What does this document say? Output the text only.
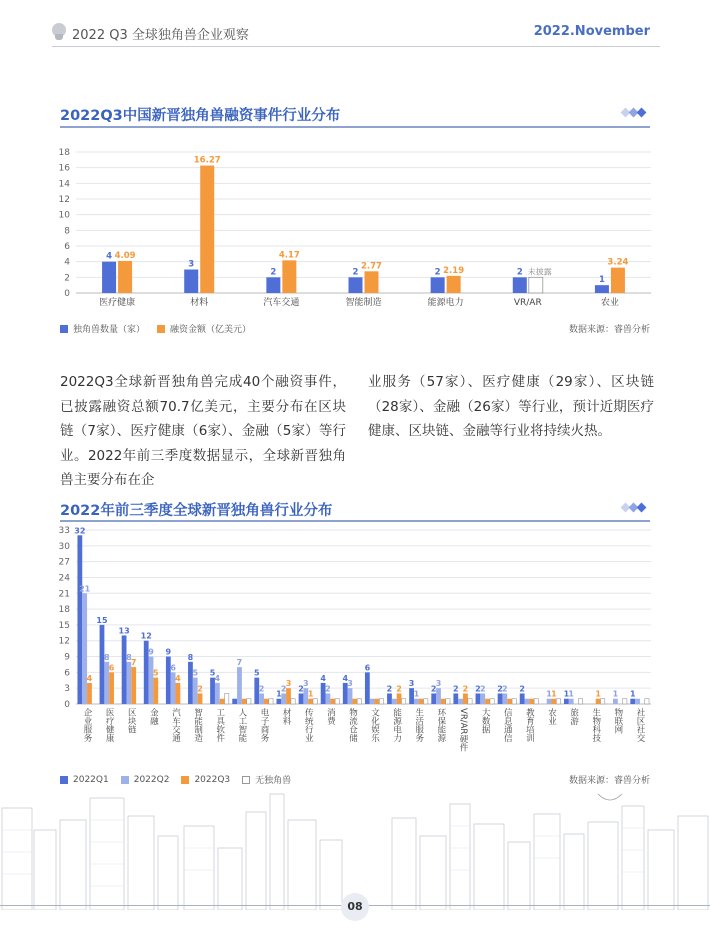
2022 Q3 全球独角兽企业观察	2022.November
2022Q3中国新晋独角兽融资事件行业分布
0
2
4
6
8
10
12
14
16
18
4 4.09
医疗健康
3
16.27
材料
2
4.17
汽车交通
2
2.77
智能制造
2 2.19
能源电力
2 未披露
VR/AR
1
3.24
农业
独角兽数量（家）	融资金额（亿美元）	数据来源：睿兽分析

2022Q3全球新晋独角兽完成40个融资事件，已披露融资总额70.7亿美元，主要分布在区块链（7家）、医疗健康（6家）、金融（5家）等行业。2022年前三季度数据显示，全球新晋独角兽主要分布在企

业服务（57家）、医疗健康（29家）、区块链（28家）、金融（26家）等行业，预计近期医疗健康、区块链、金融等行业将持续火热。

2022年前三季度全球新晋独角兽行业分布
0
3
6
9
12
15
18
21
24
27
30
33 32
21
4
企业服务
15
8
6
医疗健康
13
8
7
区块链
12
9
5
金融
9
6
4
汽车交通
8
5
2
智能制造
5
4
工具软件
7
人工智能
5
2
电子商务
1
2
3
材料
2
3
1
传统行业
4
2
消费
4
3
物流仓储
6
文化娱乐
2 2
能源电力
3
1
生活服务
2
3
环保能源
2 2
VR/AR硬件
2 2
大数据
2 2
信息通信
2
教育培训
1 1
农业
1 1
旅游
1
生物科技
1
物联网
1
社区社交
2022Q1	2022Q2	2022Q3	无独角兽	数据来源：睿兽分析
08
